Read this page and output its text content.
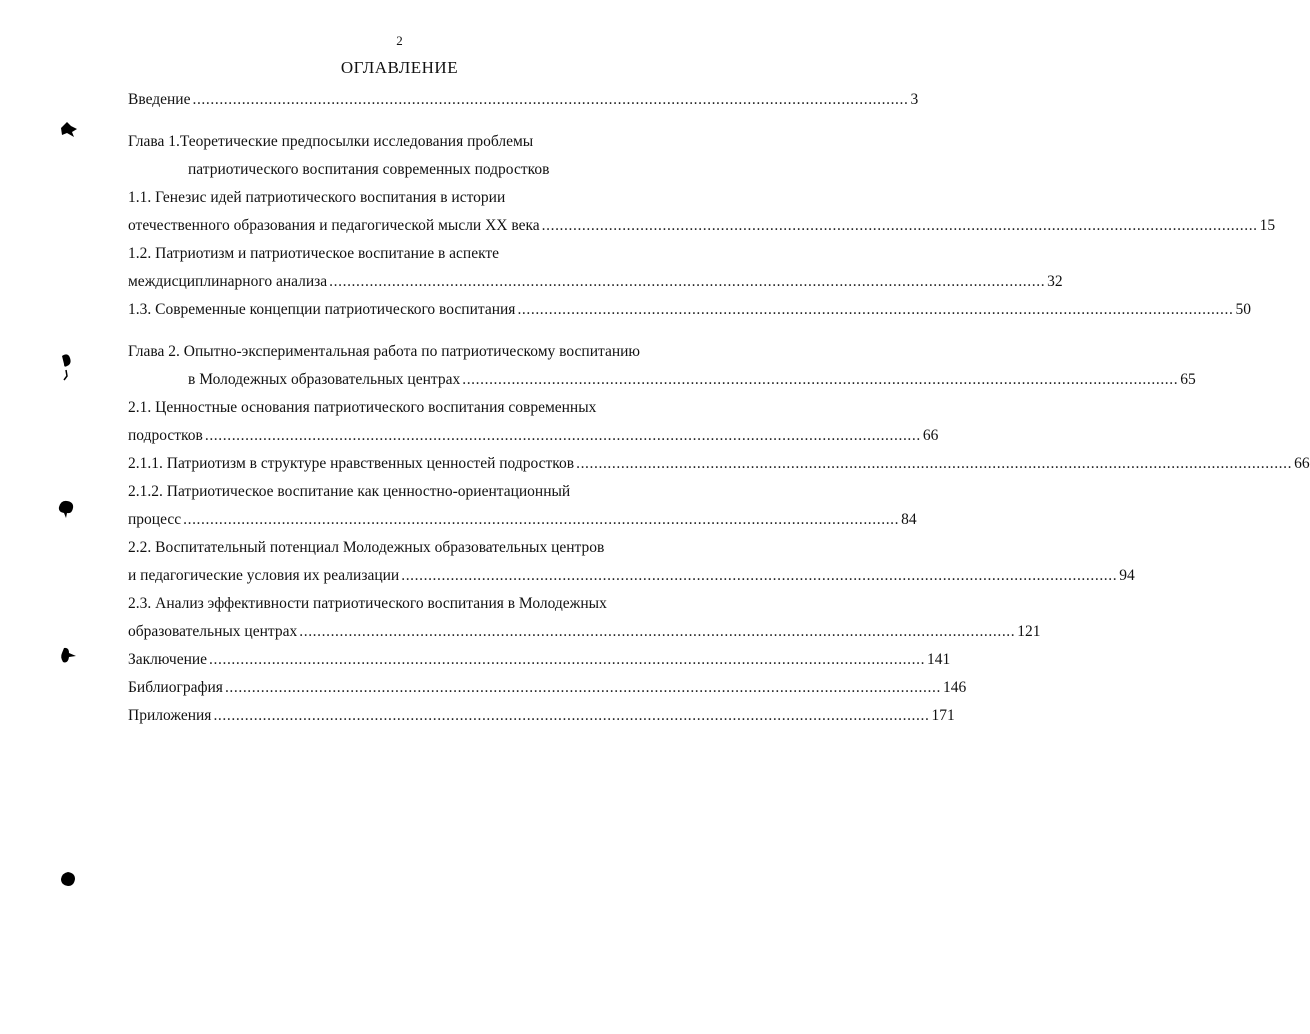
2
ОГЛАВЛЕНИЕ
Введение ................................................................................................................................................................ 3
Глава 1.Теоретические предпосылки исследования проблемы
патриотического воспитания современных подростков
1.1. Генезис идей патриотического воспитания в истории
отечественного образования и педагогической мысли XX века ................................................................................................................................................................ 15
1.2. Патриотизм и патриотическое воспитание в аспекте
междисциплинарного анализа ................................................................................................................................................................ 32
1.3. Современные концепции патриотического воспитания ................................................................................................................................................................ 50
Глава 2. Опытно-экспериментальная работа по патриотическому воспитанию
в Молодежных образовательных центрах ................................................................................................................................................................ 65
2.1. Ценностные основания патриотического воспитания современных
подростков ................................................................................................................................................................ 66
2.1.1. Патриотизм в структуре нравственных ценностей подростков ................................................................................................................................................................ 66
2.1.2. Патриотическое воспитание как ценностно-ориентационный
процесс ................................................................................................................................................................ 84
2.2. Воспитательный потенциал Молодежных образовательных центров
и педагогические условия их реализации ................................................................................................................................................................ 94
2.3. Анализ эффективности патриотического воспитания в Молодежных
образовательных центрах ................................................................................................................................................................ 121
Заключение ................................................................................................................................................................ 141
Библиография ................................................................................................................................................................ 146
Приложения ................................................................................................................................................................ 171
